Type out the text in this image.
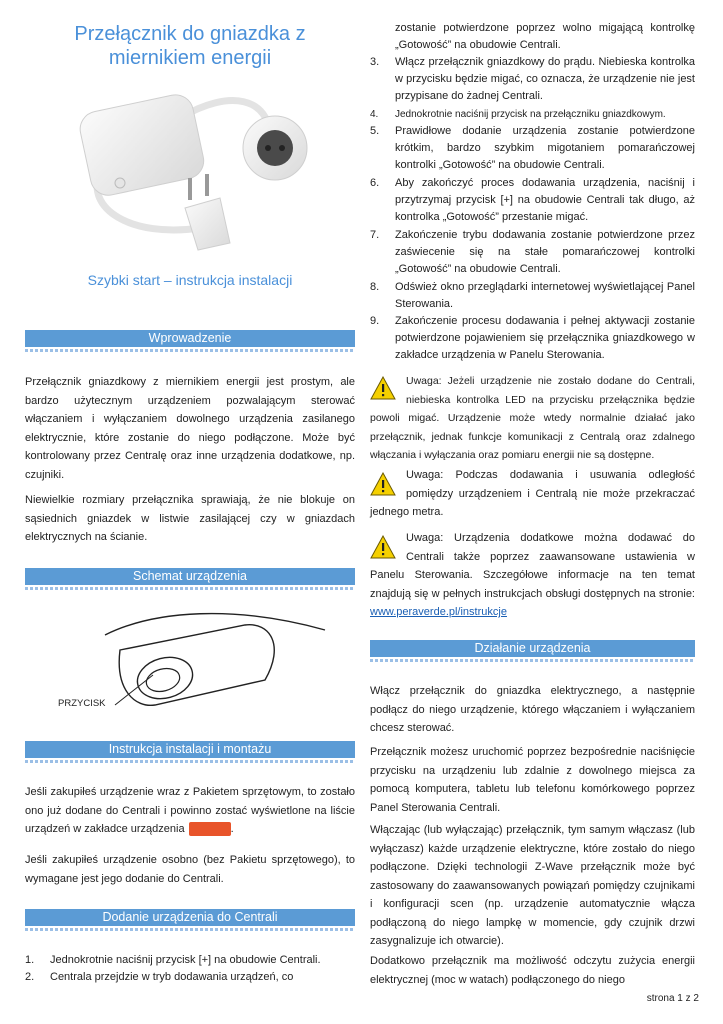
Przełącznik do gniazdka z miernikiem energii
Szybki start – instrukcja instalacji
Wprowadzenie
Przełącznik gniazdkowy z miernikiem energii jest prostym, ale bardzo użytecznym urządzeniem pozwalającym sterować włączaniem i wyłączaniem dowolnego urządzenia zasilanego elektrycznie, które zostanie do niego podłączone. Może być kontrolowany przez Centralę oraz inne urządzenia dodatkowe, np. czujniki.
Niewielkie rozmiary przełącznika sprawiają, że nie blokuje on sąsiednich gniazdek w listwie zasilającej czy w gniazdach elektrycznych na ścianie.
Schemat urządzenia
PRZYCISK
Instrukcja instalacji i montażu
Jeśli zakupiłeś urządzenie wraz z Pakietem sprzętowym, to zostało ono już dodane do Centrali i powinno zostać wyświetlone na liście urządzeń w zakładce urządzenia	.
Jeśli zakupiłeś urządzenie osobno (bez Pakietu sprzętowego), to wymagane jest jego dodanie do Centrali.
Dodanie urządzenia do Centrali
1. Jednokrotnie naciśnij przycisk [+] na obudowie Centrali.
2. Centrala przejdzie w tryb dodawania urządzeń, co
zostanie potwierdzone poprzez wolno migającą kontrolkę „Gotowość” na obudowie Centrali.
3. Włącz przełącznik gniazdkowy do prądu. Niebieska kontrolka w przycisku będzie migać, co oznacza, że urządzenie nie jest przypisane do żadnej Centrali.
4. Jednokrotnie naciśnij przycisk na przełączniku gniazdkowym.
5. Prawidłowe dodanie urządzenia zostanie potwierdzone krótkim, bardzo szybkim migotaniem pomarańczowej kontrolki „Gotowość” na obudowie Centrali.
6. Aby zakończyć proces dodawania urządzenia, naciśnij i przytrzymaj przycisk [+] na obudowie Centrali tak długo, aż kontrolka „Gotowość” przestanie migać.
7. Zakończenie trybu dodawania zostanie potwierdzone przez zaświecenie się na stałe pomarańczowej kontrolki „Gotowość” na obudowie Centrali.
8. Odśwież okno przeglądarki internetowej wyświetlającej Panel Sterowania.
9. Zakończenie procesu dodawania i pełnej aktywacji zostanie potwierdzone pojawieniem się przełącznika gniazdkowego w zakładce urządzenia w Panelu Sterowania.
Uwaga: Jeżeli urządzenie nie zostało dodane do Centrali, niebieska kontrolka LED na przycisku przełącznika będzie powoli migać. Urządzenie może wtedy normalnie działać jako przełącznik, jednak funkcje komunikacji z Centralą oraz zdalnego włączania i wyłączania oraz pomiaru energii nie są dostępne.
Uwaga: Podczas dodawania i usuwania odległość pomiędzy urządzeniem i Centralą nie może przekraczać jednego metra.
Uwaga: Urządzenia dodatkowe można dodawać do Centrali także poprzez zaawansowane ustawienia w Panelu Sterowania. Szczegółowe informacje na ten temat znajdują się w pełnych instrukcjach obsługi dostępnych na stronie: www.peraverde.pl/instrukcje
Działanie urządzenia
Włącz przełącznik do gniazdka elektrycznego, a następnie podłącz do niego urządzenie, którego włączaniem i wyłączaniem chcesz sterować.
Przełącznik możesz uruchomić poprzez bezpośrednie naciśnięcie przycisku na urządzeniu lub zdalnie z dowolnego miejsca za pomocą komputera, tabletu lub telefonu komórkowego poprzez Panel Sterowania Centrali.
Włączając (lub wyłączając) przełącznik, tym samym włączasz (lub wyłączasz) każde urządzenie elektryczne, które zostało do niego podłączone. Dzięki technologii Z-Wave przełącznik może być zastosowany do zaawansowanych powiązań pomiędzy czujnikami i konfiguracji scen (np. urządzenie automatycznie włącza podłączoną do niego lampkę w momencie, gdy czujnik drzwi zasygnalizuje ich otwarcie).
Dodatkowo przełącznik ma możliwość odczytu zużycia energii elektrycznej (moc w watach) podłączonego do niego
strona 1 z 2
